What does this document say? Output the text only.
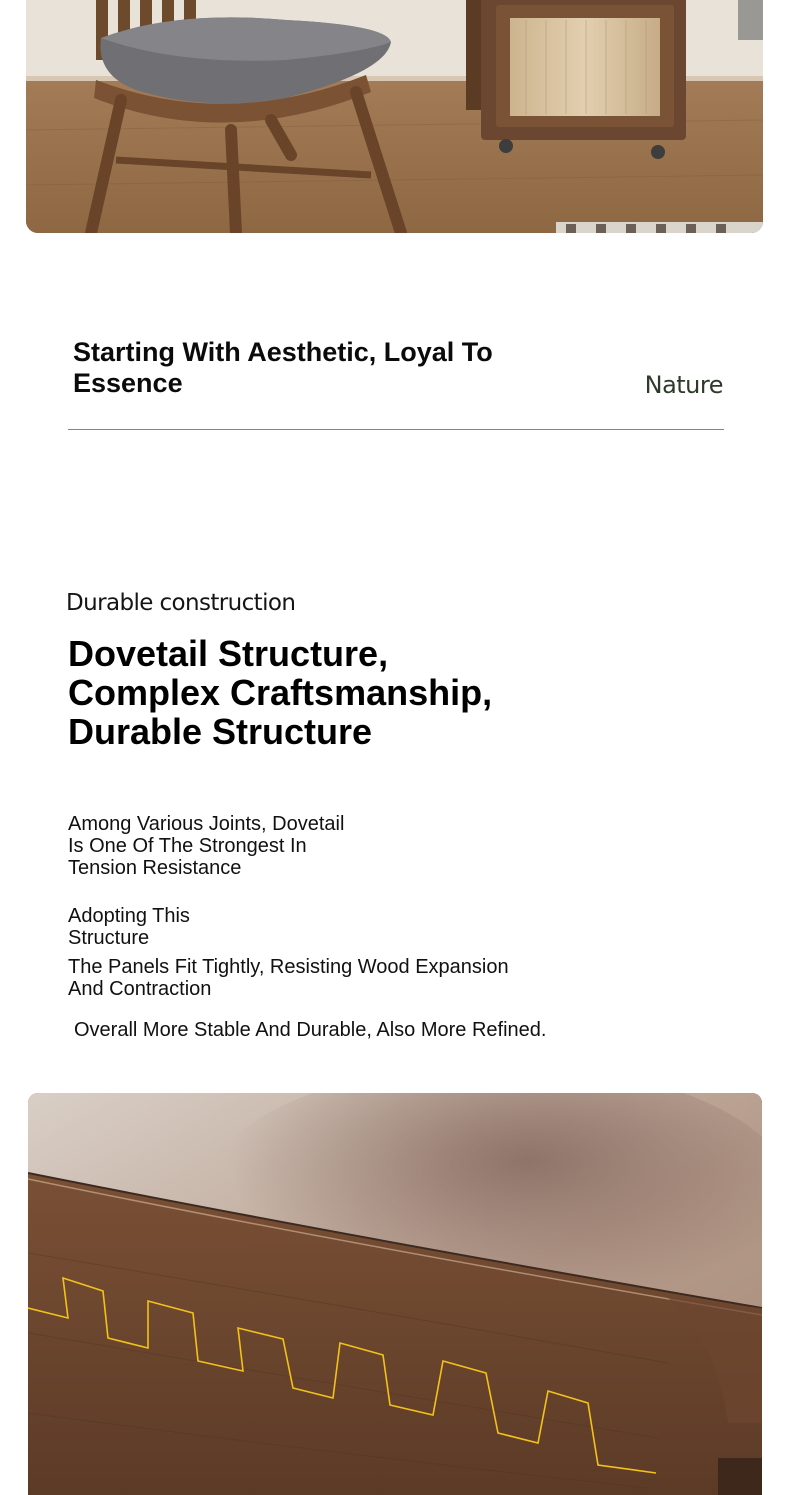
Starting With Aesthetic, Loyal To Essence	Nature
Durable construction
Dovetail Structure,
Complex Craftsmanship,
Durable Structure

Among Various Joints, Dovetail
Is One Of The Strongest In
Tension Resistance

Adopting This
Structure

The Panels Fit Tightly, Resisting Wood Expansion
And Contraction

Overall More Stable And Durable, Also More Refined.
